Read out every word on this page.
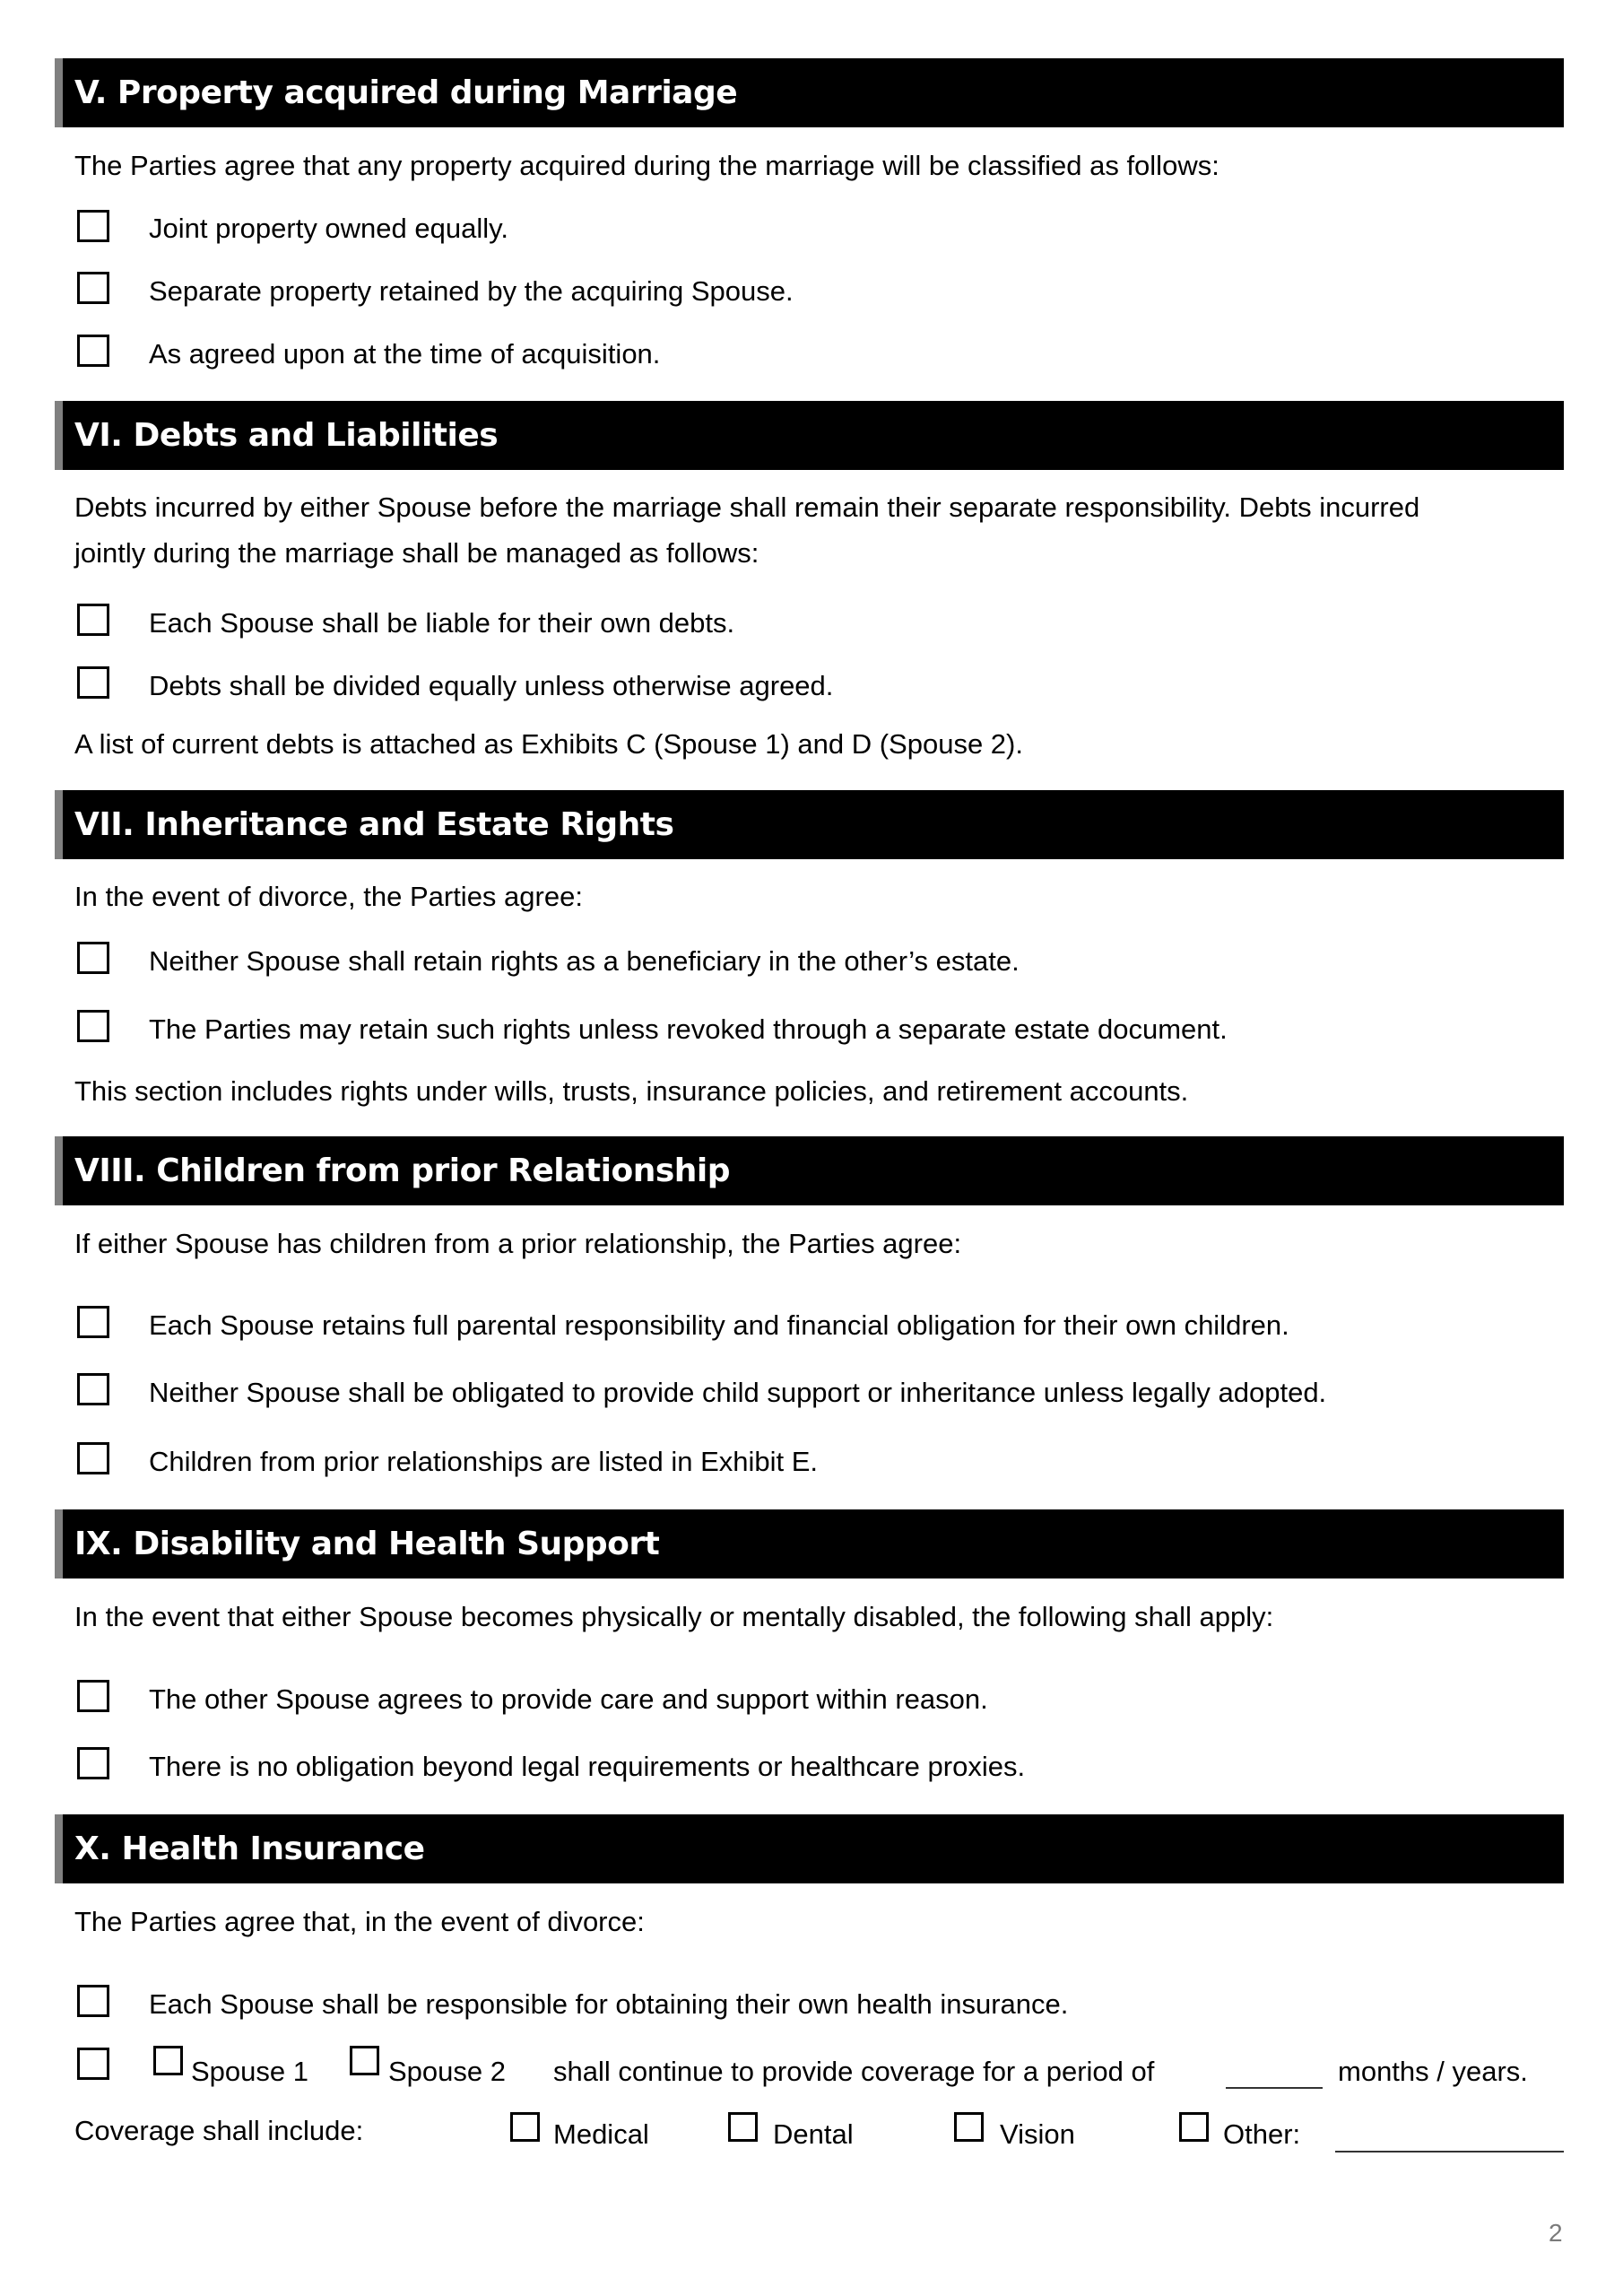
V. Property acquired during Marriage
The Parties agree that any property acquired during the marriage will be classified as follows:
Joint property owned equally.
Separate property retained by the acquiring Spouse.
As agreed upon at the time of acquisition.
VI. Debts and Liabilities
Debts incurred by either Spouse before the marriage shall remain their separate responsibility. Debts incurred
jointly during the marriage shall be managed as follows:
Each Spouse shall be liable for their own debts.
Debts shall be divided equally unless otherwise agreed.
A list of current debts is attached as Exhibits C (Spouse 1) and D (Spouse 2).
VII. Inheritance and Estate Rights
In the event of divorce, the Parties agree:
Neither Spouse shall retain rights as a beneficiary in the other’s estate.
The Parties may retain such rights unless revoked through a separate estate document.
This section includes rights under wills, trusts, insurance policies, and retirement accounts.
VIII. Children from prior Relationship
If either Spouse has children from a prior relationship, the Parties agree:
Each Spouse retains full parental responsibility and financial obligation for their own children.
Neither Spouse shall be obligated to provide child support or inheritance unless legally adopted.
Children from prior relationships are listed in Exhibit E.
IX. Disability and Health Support
In the event that either Spouse becomes physically or mentally disabled, the following shall apply:
The other Spouse agrees to provide care and support within reason.
There is no obligation beyond legal requirements or healthcare proxies.
X. Health Insurance
The Parties agree that, in the event of divorce:
Each Spouse shall be responsible for obtaining their own health insurance.
Spouse 1	Spouse 2 shall continue to provide coverage for a period of	months / years.
Coverage shall include:	Medical	Dental	Vision	Other:
2
